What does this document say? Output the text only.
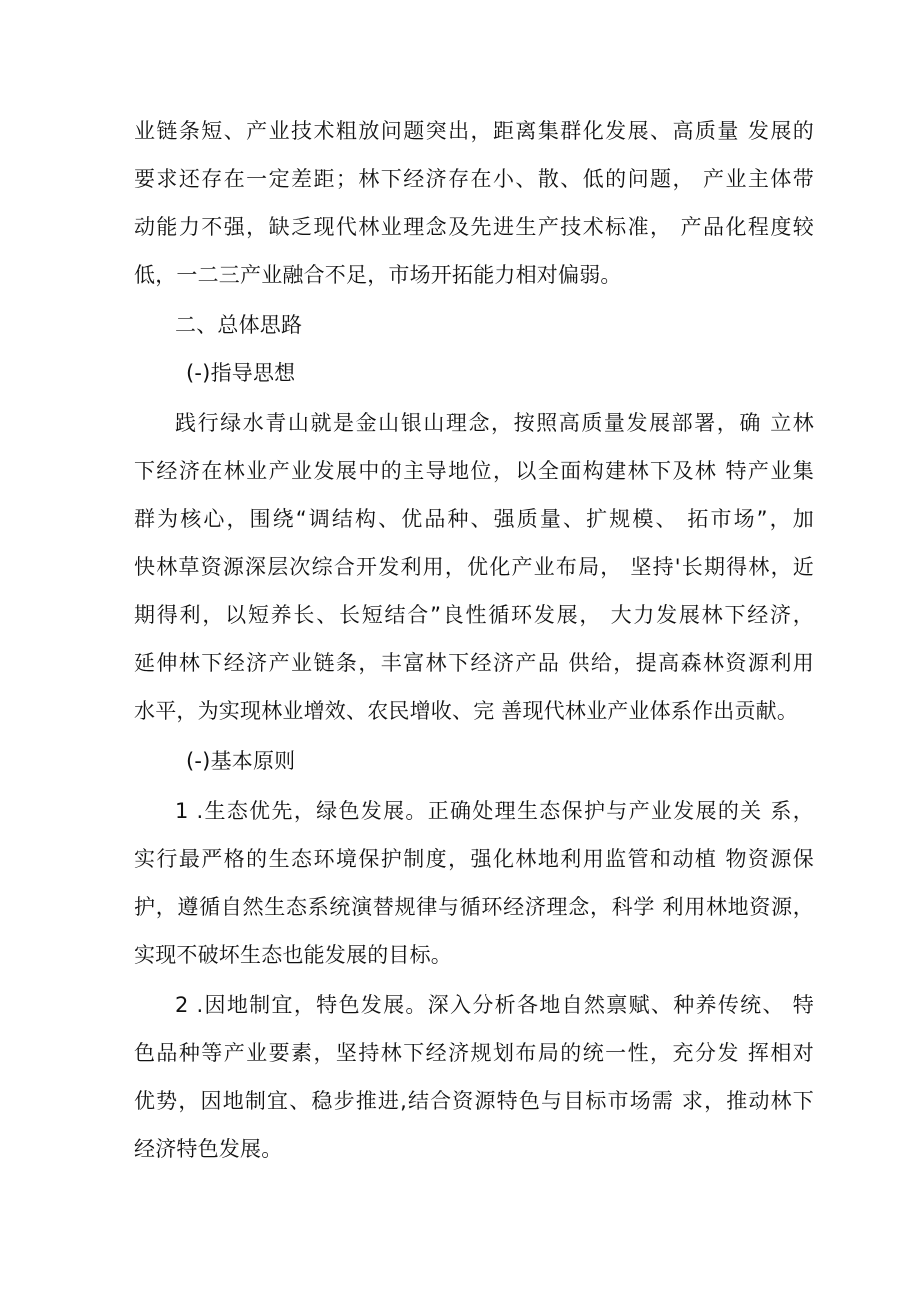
业链条短、产业技术粗放问题突出，距离集群化发展、高质量 发展的
要求还存在一定差距；林下经济存在小、散、低的问题， 产业主体带
动能力不强，缺乏现代林业理念及先进生产技术标准， 产品化程度较
低，一二三产业融合不足，市场开拓能力相对偏弱。
二、总体思路
(-)指导思想
践行绿水青山就是金山银山理念，按照高质量发展部署，确 立林
下经济在林业产业发展中的主导地位，以全面构建林下及林 特产业集
群为核心，围绕“调结构、优品种、强质量、扩规模、 拓市场”，加
快林草资源深层次综合开发利用，优化产业布局， 坚持'长期得林，近
期得利，以短养长、长短结合”良性循环发展， 大力发展林下经济，
延伸林下经济产业链条，丰富林下经济产品 供给，提高森林资源利用
水平，为实现林业增效、农民增收、完 善现代林业产业体系作出贡献。
(-)基本原则
1 .生态优先，绿色发展。正确处理生态保护与产业发展的关 系，
实行最严格的生态环境保护制度，强化林地利用监管和动植 物资源保
护，遵循自然生态系统演替规律与循环经济理念，科学 利用林地资源，
实现不破坏生态也能发展的目标。
2 .因地制宜，特色发展。深入分析各地自然禀赋、种养传统、 特
色品种等产业要素，坚持林下经济规划布局的统一性，充分发 挥相对
优势，因地制宜、稳步推进,结合资源特色与目标市场需 求，推动林下
经济特色发展。
